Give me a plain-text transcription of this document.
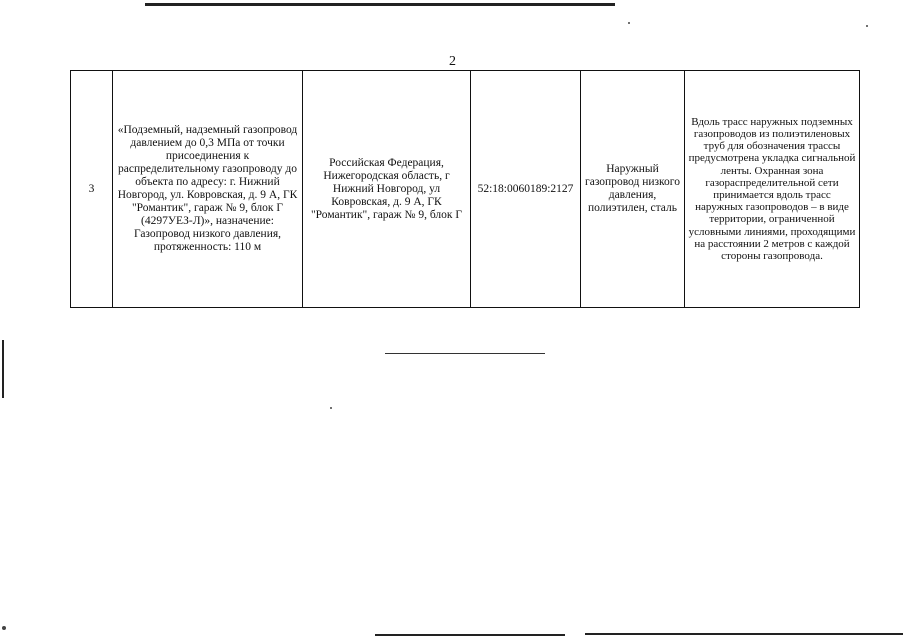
2
3	«Подземный, надземный газопровод давлением до 0,3 МПа от точки присоединения к распределительному газопроводу до объекта по адресу: г. Нижний Новгород, ул. Ковровская, д. 9 А, ГК "Романтик", гараж № 9, блок Г (4297УЕЗ-Л)», назначение: Газопровод низкого давления, протяженность: 110 м	Российская Федерация, Нижегородская область, г Нижний Новгород, ул Ковровская, д. 9 А, ГК "Романтик", гараж № 9, блок Г	52:18:0060189:2127	Наружный газопровод низкого давления, полиэтилен, сталь	Вдоль трасс наружных подземных газопроводов из полиэтиленовых труб для обозначения трассы предусмотрена укладка сигнальной ленты. Охранная зона газораспределительной сети принимается вдоль трасс наружных газопроводов – в виде территории, ограниченной условными линиями, проходящими на расстоянии 2 метров с каждой стороны газопровода.
